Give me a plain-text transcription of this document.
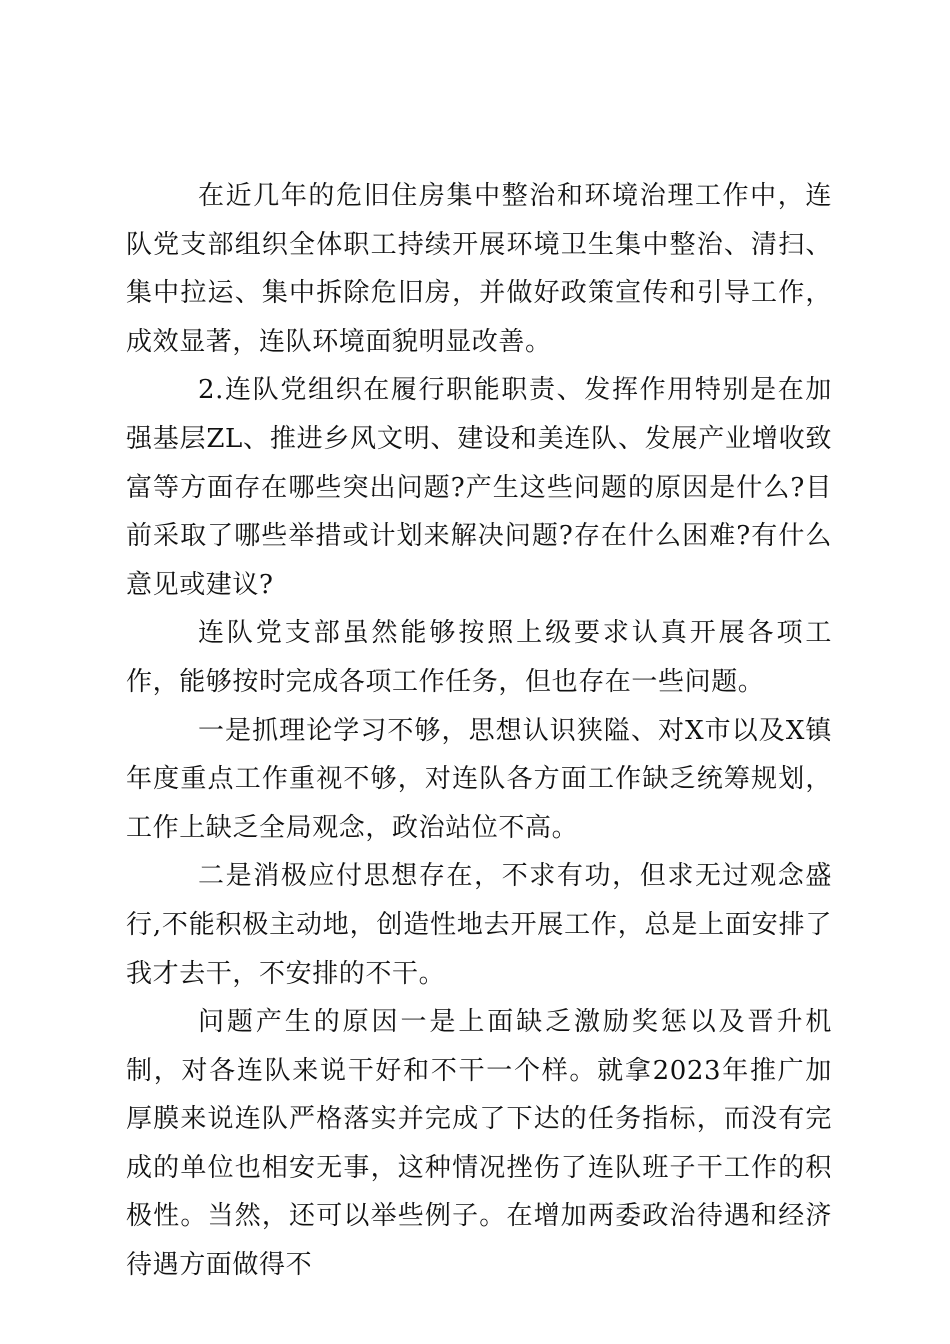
在近几年的危旧住房集中整治和环境治理工作中，连队党支部组织全体职工持续开展环境卫生集中整治、清扫、集中拉运、集中拆除危旧房，并做好政策宣传和引导工作，成效显著，连队环境面貌明显改善。

2.连队党组织在履行职能职责、发挥作用特别是在加强基层ZL、推进乡风文明、建设和美连队、发展产业增收致富等方面存在哪些突出问题?产生这些问题的原因是什么?目前采取了哪些举措或计划来解决问题?存在什么困难?有什么意见或建议?

连队党支部虽然能够按照上级要求认真开展各项工作，能够按时完成各项工作任务，但也存在一些问题。

一是抓理论学习不够，思想认识狭隘、对X市以及X镇年度重点工作重视不够，对连队各方面工作缺乏统筹规划，工作上缺乏全局观念，政治站位不高。

二是消极应付思想存在，不求有功，但求无过观念盛行,不能积极主动地，创造性地去开展工作，总是上面安排了我才去干，不安排的不干。

问题产生的原因一是上面缺乏激励奖惩以及晋升机制，对各连队来说干好和不干一个样。就拿2023年推广加厚膜来说连队严格落实并完成了下达的任务指标，而没有完成的单位也相安无事，这种情况挫伤了连队班子干工作的积极性。当然，还可以举些例子。在增加两委政治待遇和经济待遇方面做得不
